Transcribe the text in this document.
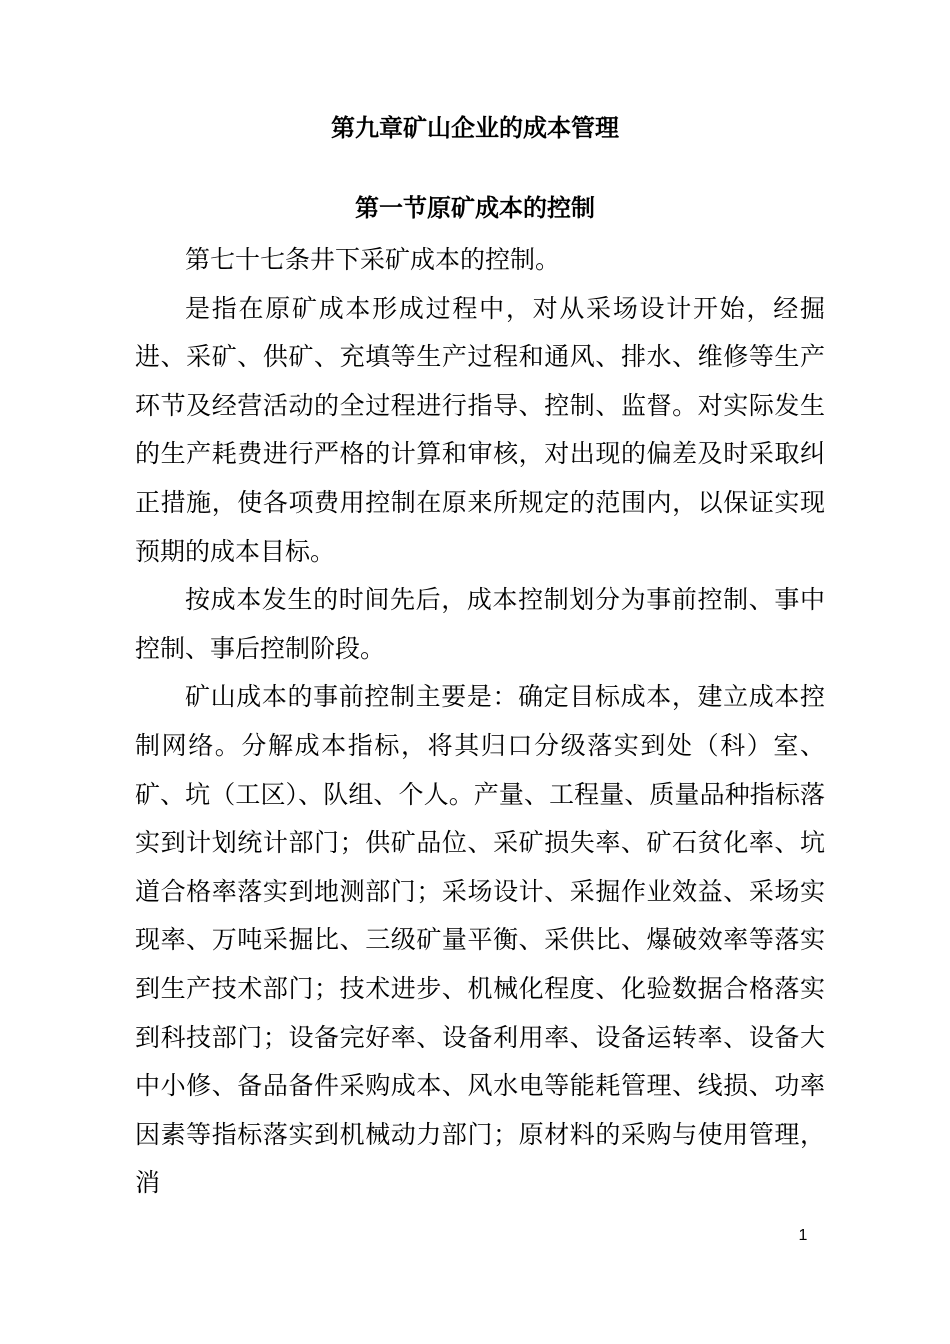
第九章矿山企业的成本管理
第一节原矿成本的控制

第七十七条井下采矿成本的控制。

是指在原矿成本形成过程中，对从采场设计开始，经掘进、采矿、供矿、充填等生产过程和通风、排水、维修等生产环节及经营活动的全过程进行指导、控制、监督。对实际发生的生产耗费进行严格的计算和审核，对出现的偏差及时采取纠正措施，使各项费用控制在原来所规定的范围内，以保证实现预期的成本目标。

按成本发生的时间先后，成本控制划分为事前控制、事中控制、事后控制阶段。

矿山成本的事前控制主要是：确定目标成本，建立成本控制网络。分解成本指标，将其归口分级落实到处（科）室、矿、坑（工区）、队组、个人。产量、工程量、质量品种指标落实到计划统计部门；供矿品位、采矿损失率、矿石贫化率、坑道合格率落实到地测部门；采场设计、采掘作业效益、采场实现率、万吨采掘比、三级矿量平衡、采供比、爆破效率等落实到生产技术部门；技术进步、机械化程度、化验数据合格落实到科技部门；设备完好率、设备利用率、设备运转率、设备大中小修、备品备件采购成本、风水电等能耗管理、线损、功率因素等指标落实到机械动力部门；原材料的采购与使用管理，消

1
